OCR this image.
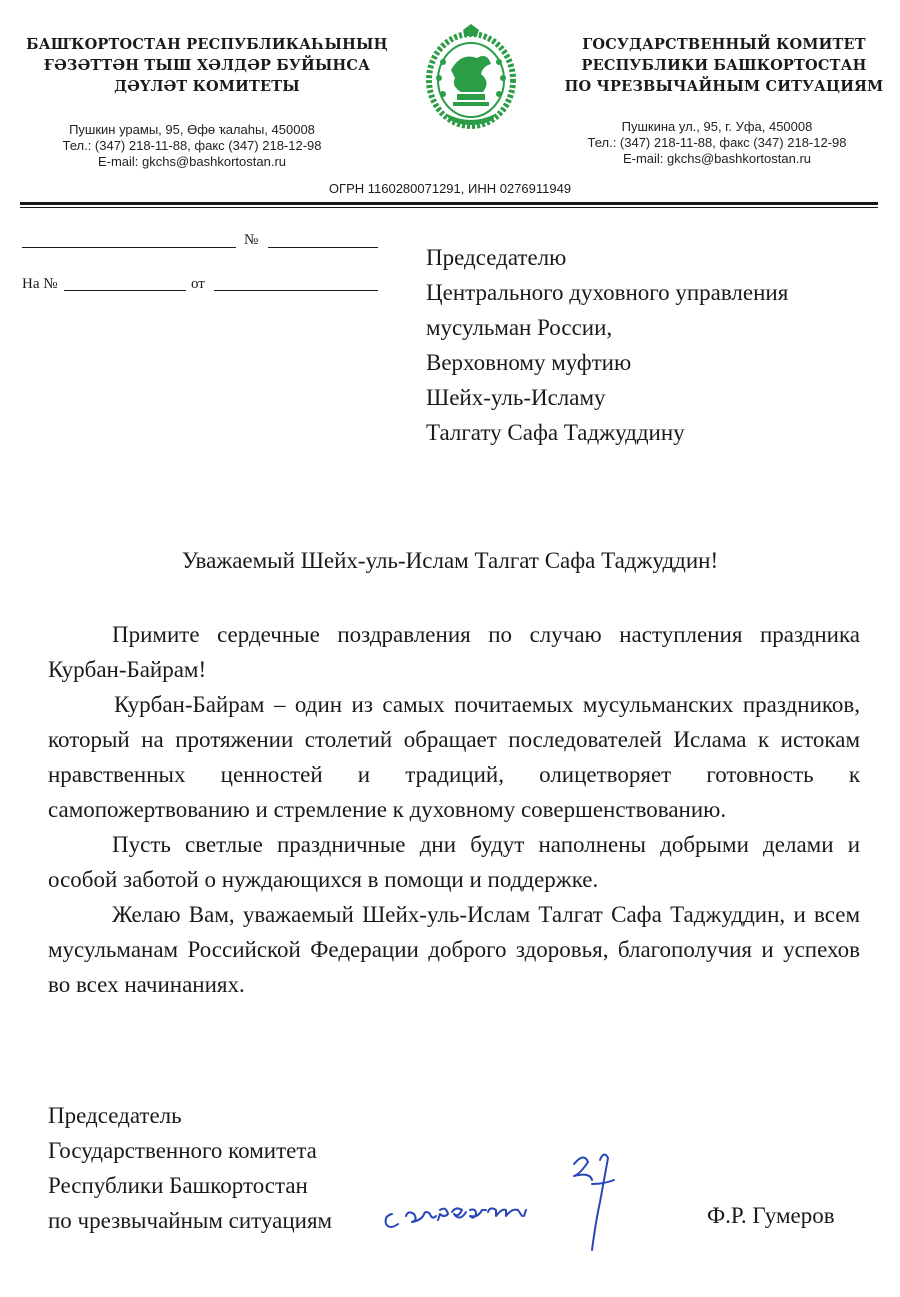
БАШҠОРТОСТАН РЕСПУБЛИКАҺЫНЫҢ
ҒӘЗӘТТӘН ТЫШ ХӘЛДӘР БУЙЫНСА
ДӘҮЛӘТ КОМИТЕТЫ
Пушкин урамы, 95, Өфө ҡалаһы, 450008
Тел.: (347) 218-11-88, факс (347) 218-12-98
E-mail: gkchs@bashkortostan.ru
ГОСУДАРСТВЕННЫЙ КОМИТЕТ
РЕСПУБЛИКИ БАШКОРТОСТАН
ПО ЧРЕЗВЫЧАЙНЫМ СИТУАЦИЯМ
Пушкина ул., 95, г. Уфа, 450008
Тел.: (347) 218-11-88, факс (347) 218-12-98
E-mail: gkchs@bashkortostan.ru
ОГРН 1160280071291, ИНН 0276911949
№
На №	от
Председателю
Центрального духовного управления
мусульман России,
Верховному муфтию
Шейх-уль-Исламу
Талгату Сафа Таджуддину
Уважаемый Шейх-уль-Ислам Талгат Сафа Таджуддин!

Примите сердечные поздравления по случаю наступления праздника Курбан-Байрам!

Курбан-Байрам – один из самых почитаемых мусульманских праздников, который на протяжении столетий обращает последователей Ислама к истокам нравственных ценностей и традиций, олицетворяет готовность к самопожертвованию и стремление к духовному совершенствованию.

Пусть светлые праздничные дни будут наполнены добрыми делами и особой заботой о нуждающихся в помощи и поддержке.

Желаю Вам, уважаемый Шейх-уль-Ислам Талгат Сафа Таджуддин, и всем мусульманам Российской Федерации доброго здоровья, благополучия и успехов во всех начинаниях.

Председатель
Государственного комитета
Республики Башкортостан
по чрезвычайным ситуациям	Ф.Р. Гумеров
